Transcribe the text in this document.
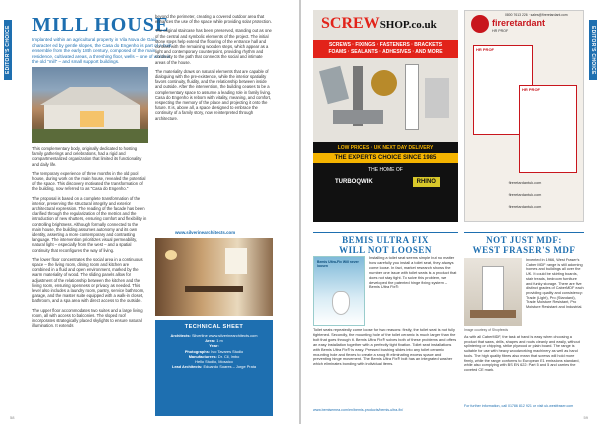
EDITOR'S CHOICE
MILL HOUSE
Implanted within an agricultural property in Vila Nova de Gaia, character ed by gentle slopes, the Casa do Engenho is part of a built ensemble from the early 18th century, composed of the main residence, cultivated areas, a threshing floor, wells – one of which is the old "mill" – and small support buildings.

This complementary body, originally dedicated to hosting family gatherings and celebrations, had a rigid and compartmentalized organization that limited its functionality and daily life.

The temporary experience of three months in the old pool house, during work on the main house, revealed the potential of the space. This discovery motivated the transformation of the building, now referred to as "Casa do Engenho."

The proposal is based on a complete transformation of the interior, preserving the structural integrity and exterior architectural expression. The reading of the facade has been clarified through the regularization of the metrics and the introduction of new shutters, ensuring comfort and flexibility in controlling brightness. Although formally connected to the main house, the building assumes autonomy and its own identity, asserting a more contemporary and contrasting language. The intervention prioritizes visual permeability, natural light – especially from the west – and a spatial continuity that reconfigures the way of living.

The lower floor concentrates the social area in a continuous space – the living room, dining room and kitchen are combined in a fluid and open environment, marked by the warm materiality of wood. The sliding panels allow for adjustment of the relationship between the kitchen and the living room, ensuring openness or privacy as needed. This level also includes a laundry room, pantry, service bathroom, garage, and the master suite equipped with a walk-in closet, bathroom, and a spa area with direct access to the outside.

The upper floor accommodates two suites and a large living room, all with access to balconies. The sloped roof incorporates strategically placed skylights to ensure natural illumination. It extends

beyond the perimeter, creating a covered outdoor area that enhances the use of the space while providing solar protection.

The original staircase has been preserved, standing out as one of the central and symbolic elements of the project. The initial stone steps help extend the flooring of the entrance hall and contrast with the remaining wooden steps, which appear as a light and contemporary counterpoint, providing rhythm and continuity to the path that connects the social and intimate areas of the house.

The materiality draws on natural elements that are capable of dialoguing with the pre-existence, while the interior spatiality favors continuity, fluidity, and the relationship between inside and outside. After the intervention, the building ceases to be a complementary space to assume a leading role in family living. Casa do Engenho is reborn with vitality, meaning, and comfort, respecting the memory of the place and projecting it onto the future. It is, above all, a space designed to embrace the continuity of a family story, now reinterpreted through architecture.

www.silverinearchitects.com
TECHNICAL SHEET
Architects: Silverline www.silverinearchitects.com
Area: 1 m
Year:
Photographs: Ivo Tavares Studio
Manufacturers: Dr. Cil, Imbo
Hello Studio, Mosaico
Lead Architects: Eduardo Soares – Jorge Prata
58
EDITOR'S CHOICE
SCREWSHOP.co.uk
SCREWS · FIXINGS · FASTENERS · BRACKETS
FOAMS · SEALANTS · ADHESIVES · AND MORE
LOW PRICES · UK NEXT DAY DELIVERY
THE EXPERTS CHOICE SINCE 1985
THE HOME OF
TURBOQWIK	RHINO
0800 7613 226 · sales@fireretardant.com
fireretardant
HR PROF
HR PROF
HR PROF
fireretardantuk.com
fireretardantuk.com
fireretardantuk.com
BEMIS ULTRA FIX
WILL NOT LOOSEN
Bemis Ultra-Fix Will never loosen
Installing a toilet seat seems simple but no matter how carefully you install a toilet seat, they always come loose. In fact, market research shows the number one issue with toilet seats is a product that does not stay tight. To solve this problem, we developed the patented hinge fixing system – Bemis Ultra Fix®.
Toilet seats repeatedly come loose for two reasons: firstly, the toilet seat is not fully tightened. Secondly, the mounting hole of the toilet ceramic is much larger than the bolt that goes through it. Bemis Ultra Fix® solves both of these problems and offers an easy installation together with a perfectly tight fixation. Toilet seat installations with Bemis Ultra Fix® is easy. Pressed bushing slides into any toilet ceramic mounting hole and flexes to create a snug fit eliminating excess space and preventing hinge movement. The Bemis Ultra Fix® bolt has an integrated washer which eliminates bonding with individual items.
www.bemisemea.com/en/bemis-products/bemis-ultra-fix/
NOT JUST MDF:
WEST FRASER'S MDF
Image courtesy of Shopfeeds
Invented in 1966, West Fraser's Caber MDF range is still adorning homes and buildings all over the UK. It could be skirting boards, stair treads, bedroom furniture and funky storage. There are five distinct grades of CaberMDF each providing quality and consistency: Trade (Light), Pro (Standard), Trade Moisture Resistant, Pro Moisture Resistant and Industrial.
As with all CaberMDF, the task at hand is easy when choosing a product that saws, drills, shapes and routs cleanly and easily, without splintering or chipping, strike plywood or plain board. The range is suitable for use with heavy woodworking machinery as well as hand tools. The high quality fibres also mean that screws will hold more firmly, while the range conforms to European E1 emissions standard, while also complying with BS EN 622: Part 5 and 5 and carries the coveted CE mark.
For further information, call 01786 812 921 or visit uk.westfraser.com
59
